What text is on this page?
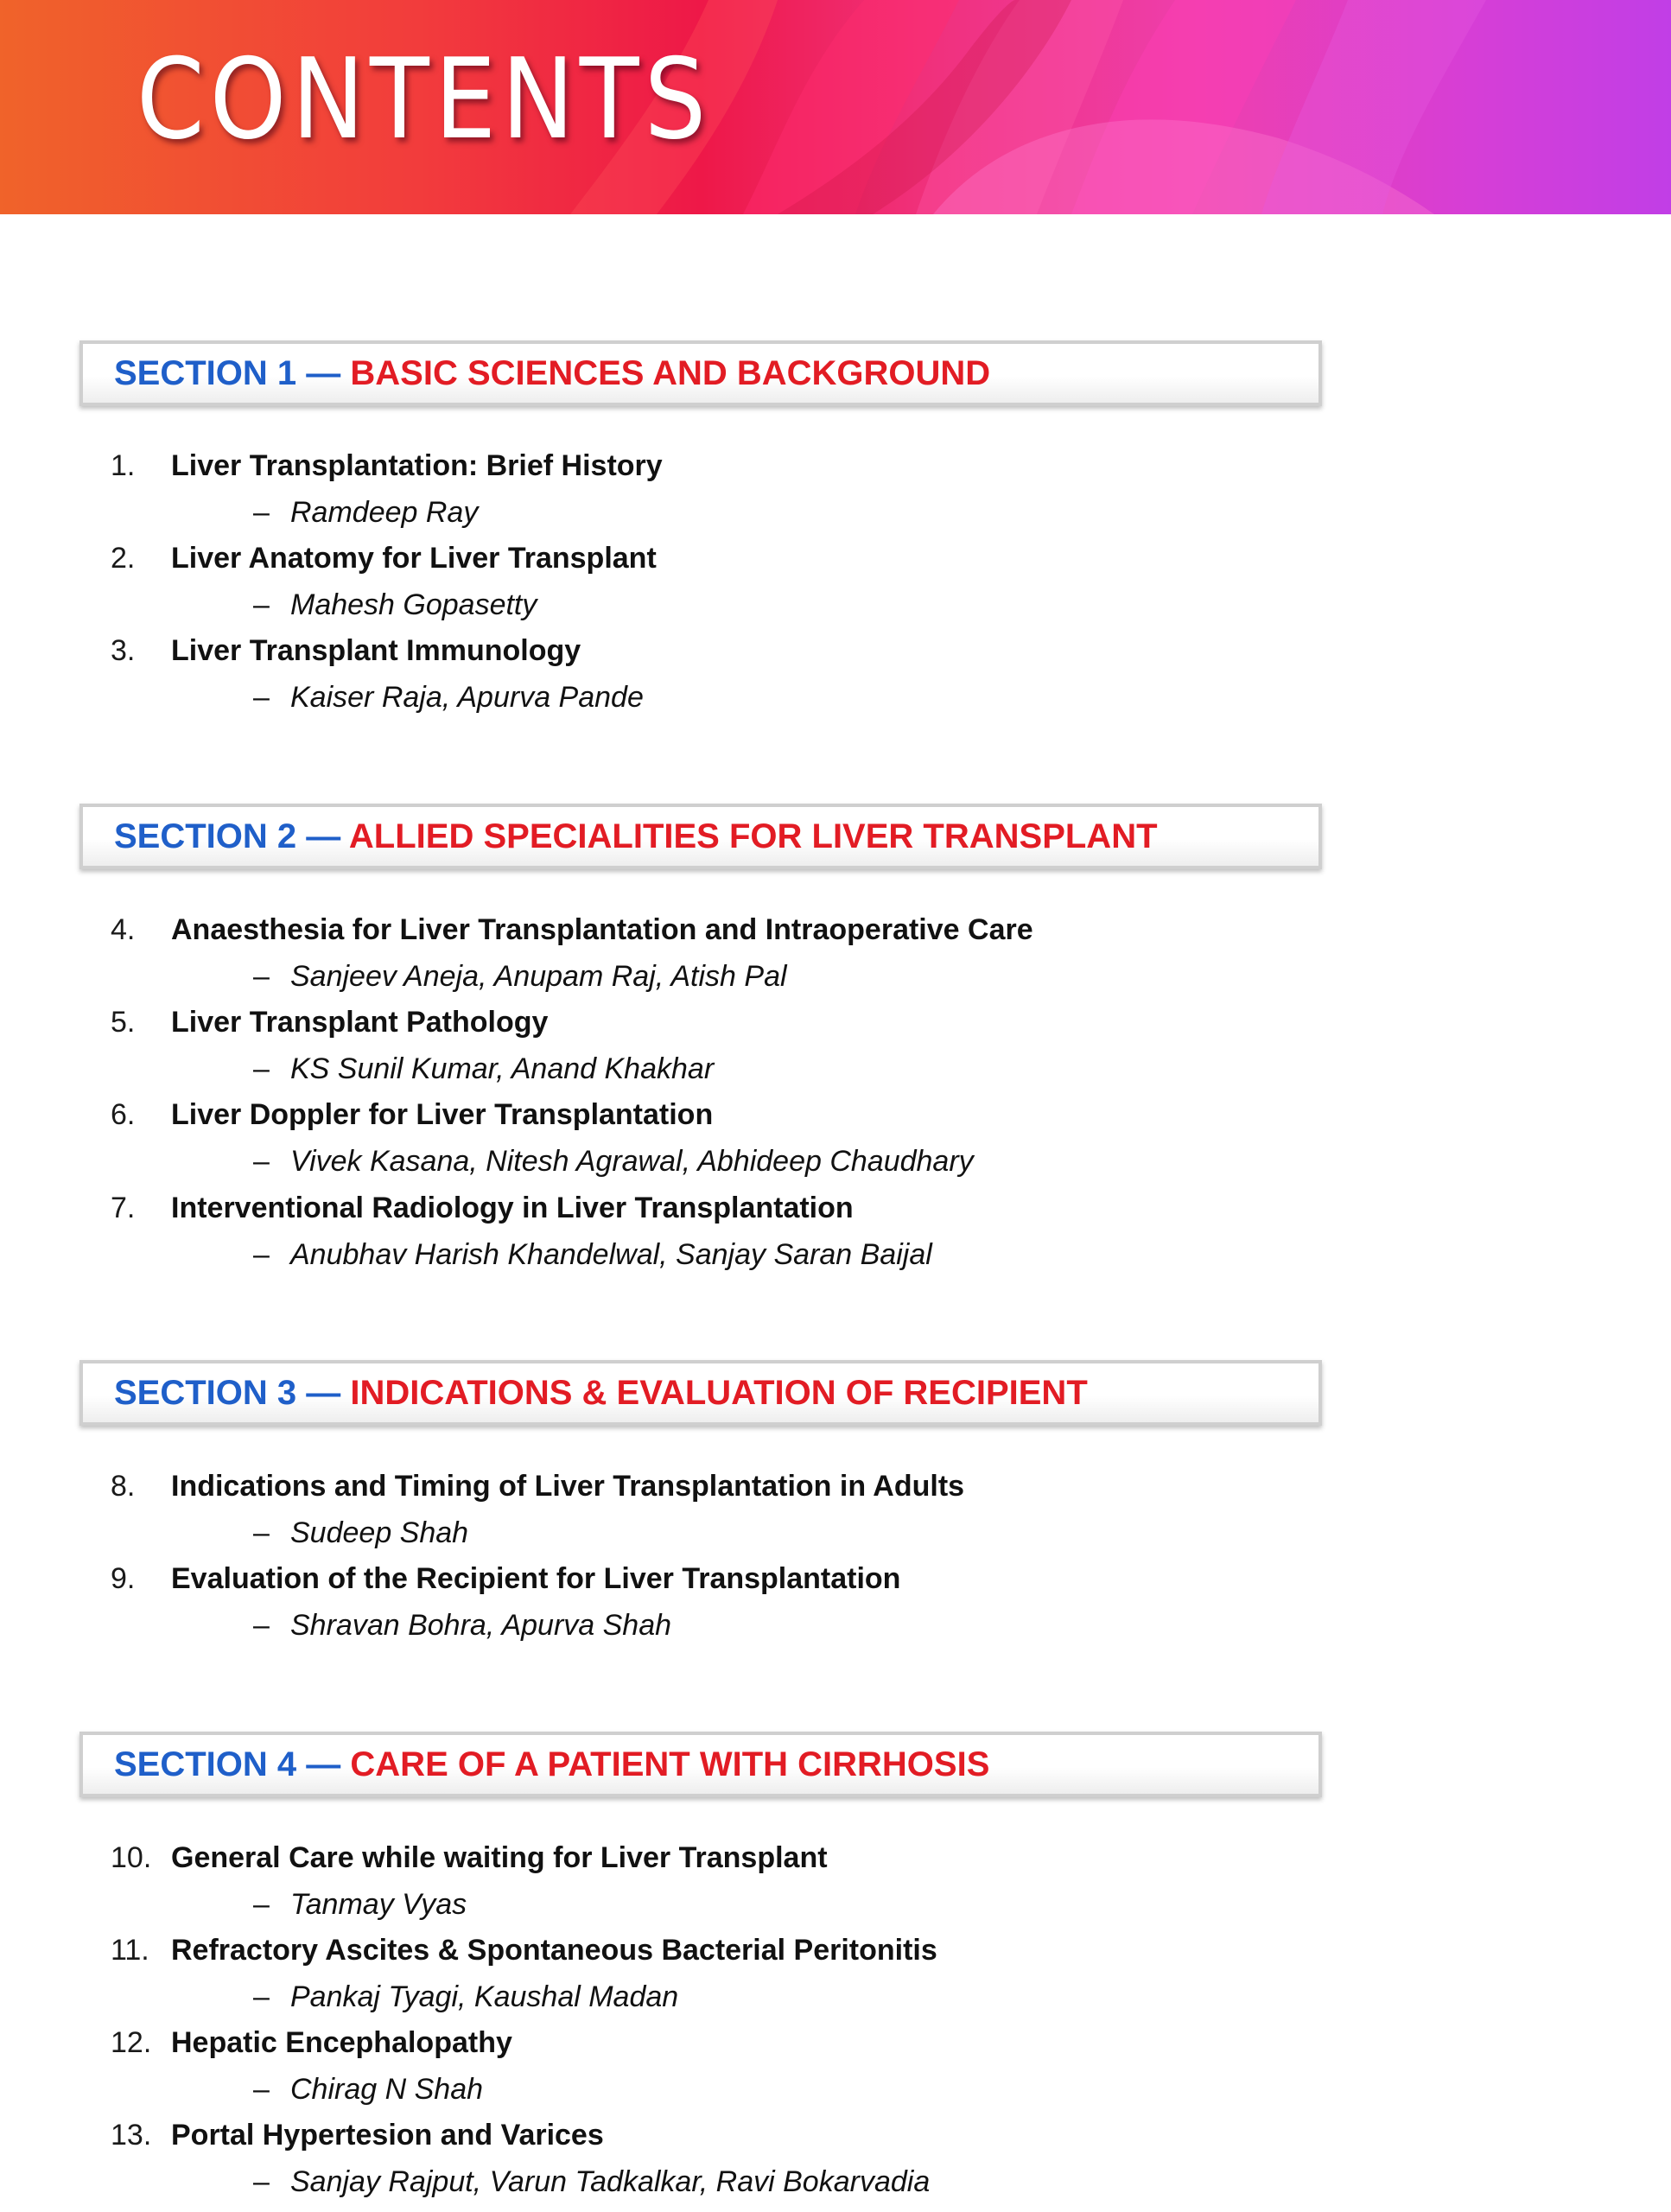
CONTENTS
SECTION 1 — BASIC SCIENCES AND BACKGROUND
1. Liver Transplantation: Brief History
– Ramdeep Ray
2. Liver Anatomy for Liver Transplant
– Mahesh Gopasetty
3. Liver Transplant Immunology
– Kaiser Raja, Apurva Pande
SECTION 2 — ALLIED SPECIALITIES FOR LIVER TRANSPLANT
4. Anaesthesia for Liver Transplantation and Intraoperative Care
– Sanjeev Aneja, Anupam Raj, Atish Pal
5. Liver Transplant Pathology
– KS Sunil Kumar, Anand Khakhar
6. Liver Doppler for Liver Transplantation
– Vivek Kasana, Nitesh Agrawal, Abhideep Chaudhary
7. Interventional Radiology in Liver Transplantation
– Anubhav Harish Khandelwal, Sanjay Saran Baijal
SECTION 3 — INDICATIONS & EVALUATION OF RECIPIENT
8. Indications and Timing of Liver Transplantation in Adults
– Sudeep Shah
9. Evaluation of the Recipient for Liver Transplantation
– Shravan Bohra, Apurva Shah
SECTION 4 — CARE OF A PATIENT WITH CIRRHOSIS
10. General Care while waiting for Liver Transplant
– Tanmay Vyas
11. Refractory Ascites & Spontaneous Bacterial Peritonitis
– Pankaj Tyagi, Kaushal Madan
12. Hepatic Encephalopathy
– Chirag N Shah
13. Portal Hypertesion and Varices
– Sanjay Rajput, Varun Tadkalkar, Ravi Bokarvadia
